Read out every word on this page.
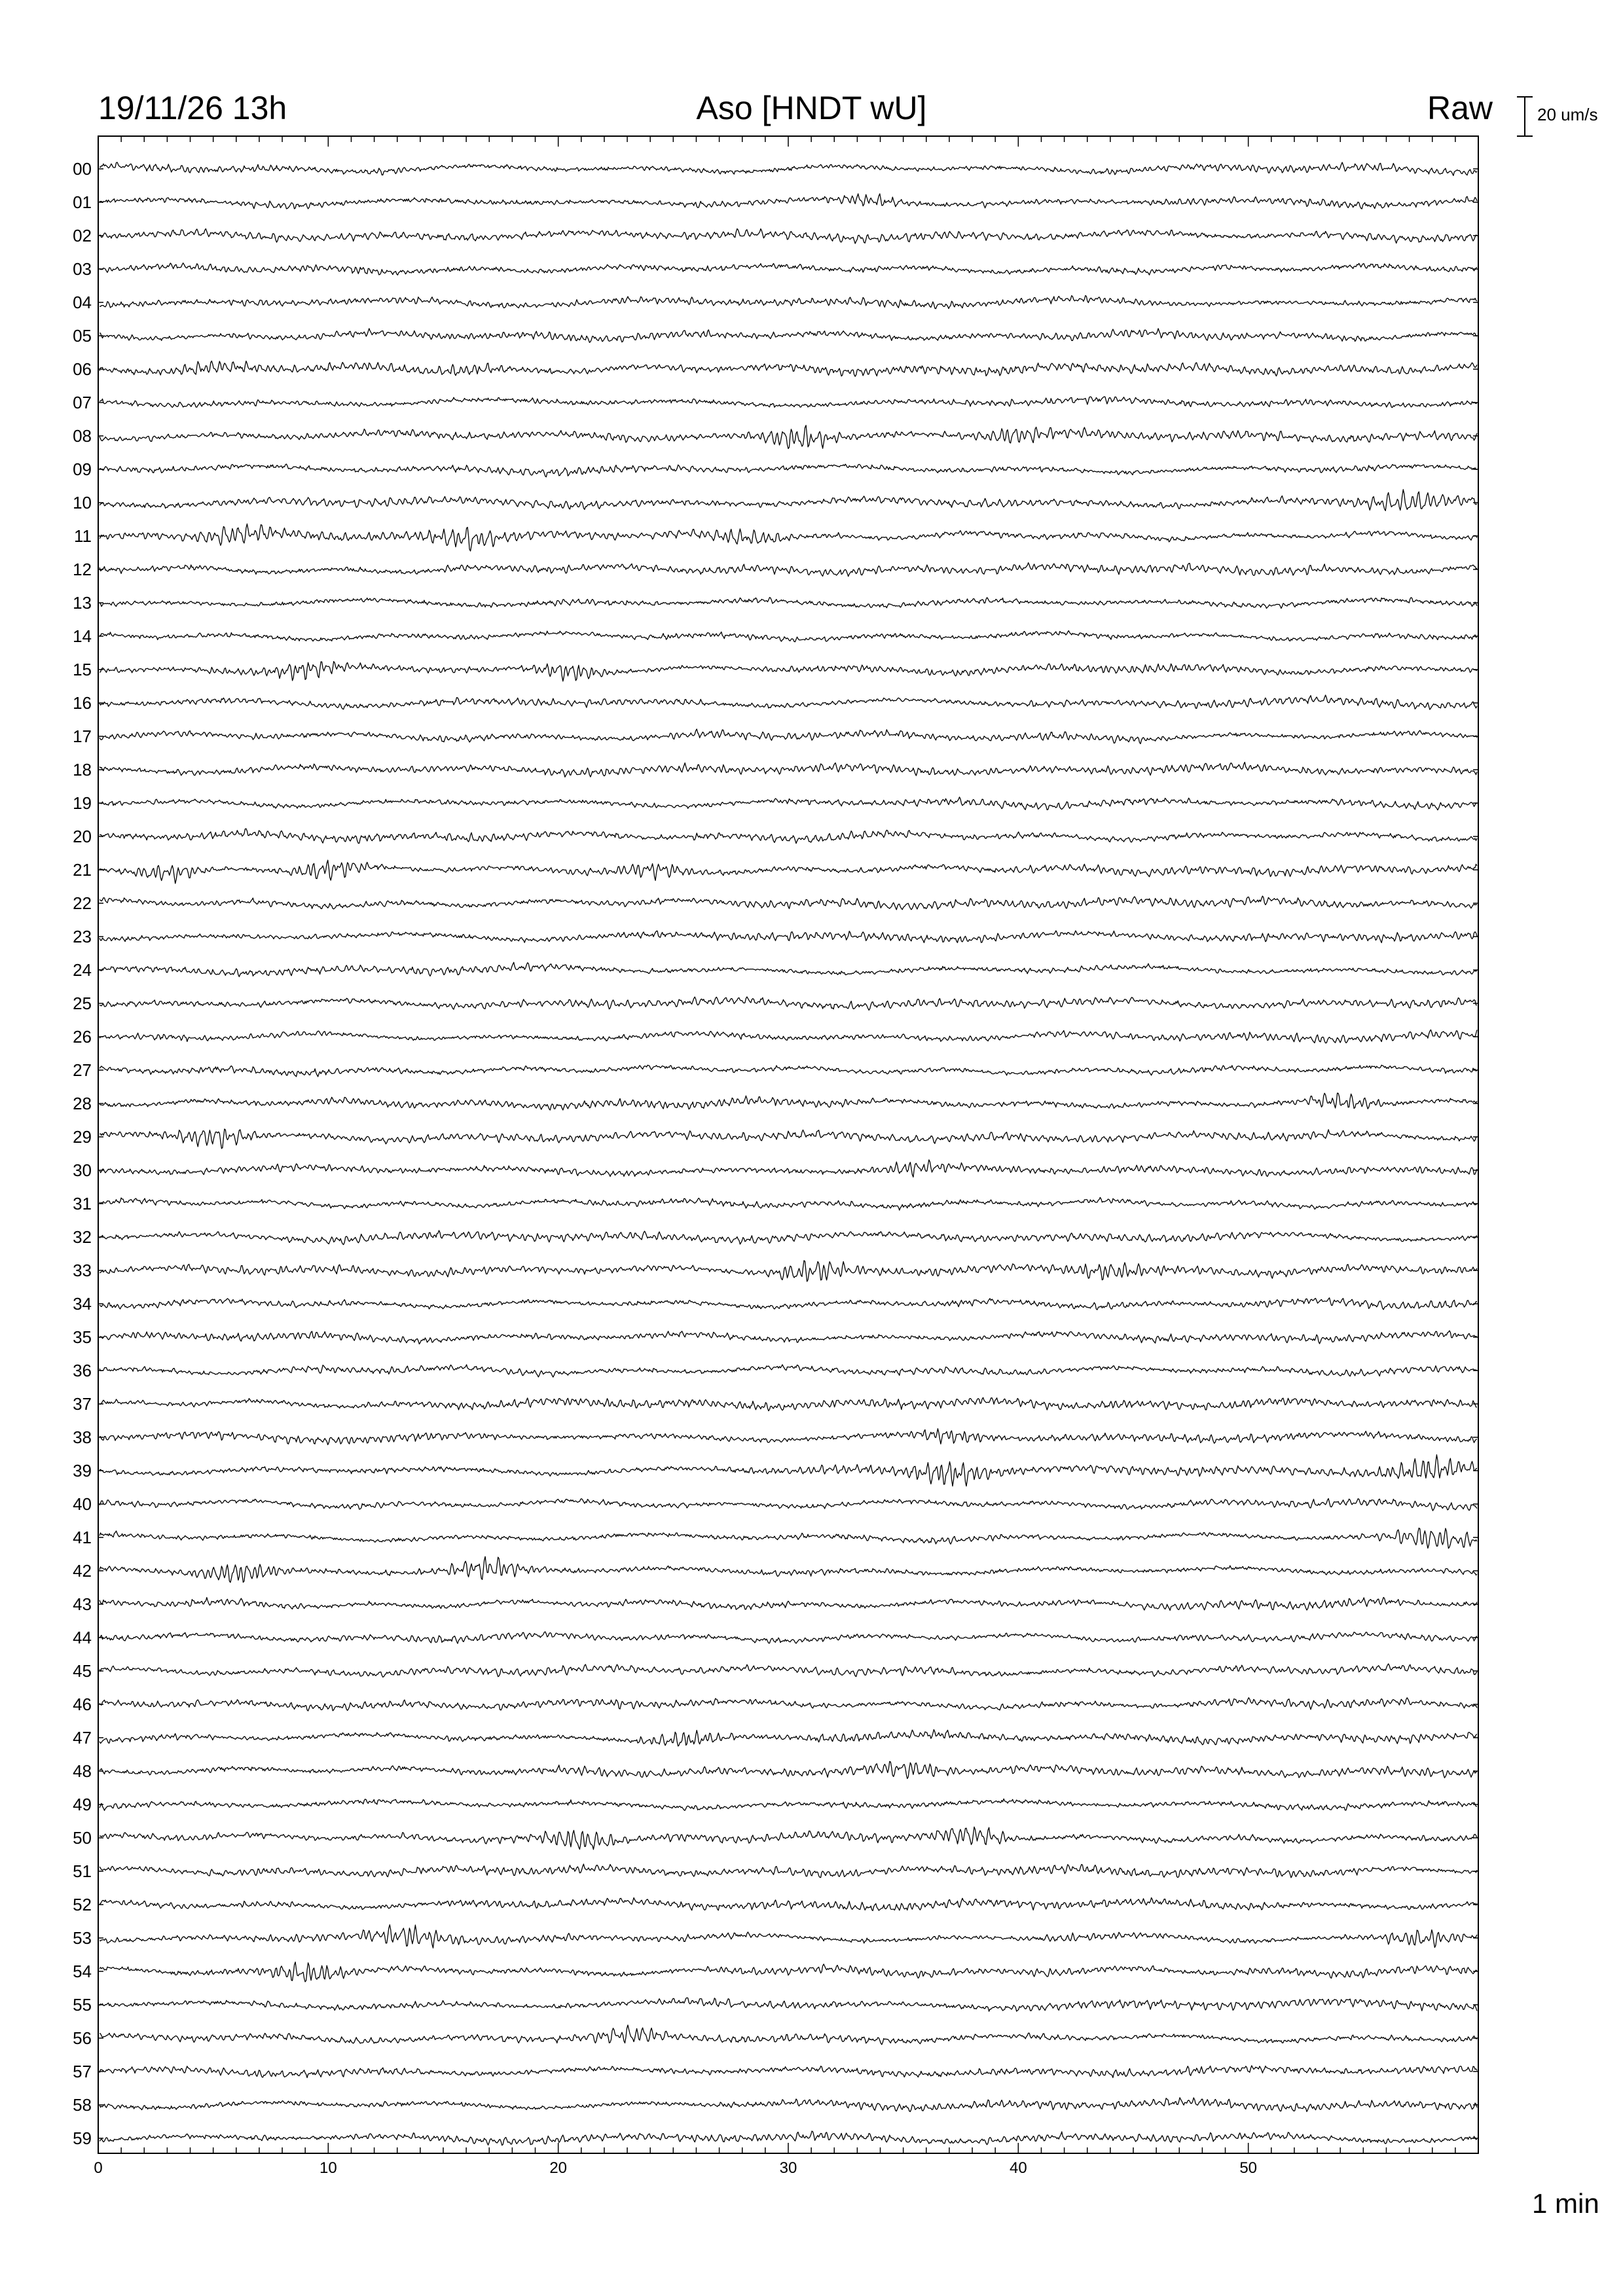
19/11/26 13h	Aso [HNDT wU]	Raw	20 um/s
1 min
0	10	20	30	40	50
00
01
02
03
04
05
06
07
08
09
10
11
12
13
14
15
16
17
18
19
20
21
22
23
24
25
26
27
28
29
30
31
32
33
34
35
36
37
38
39
40
41
42
43
44
45
46
47
48
49
50
51
52
53
54
55
56
57
58
59
